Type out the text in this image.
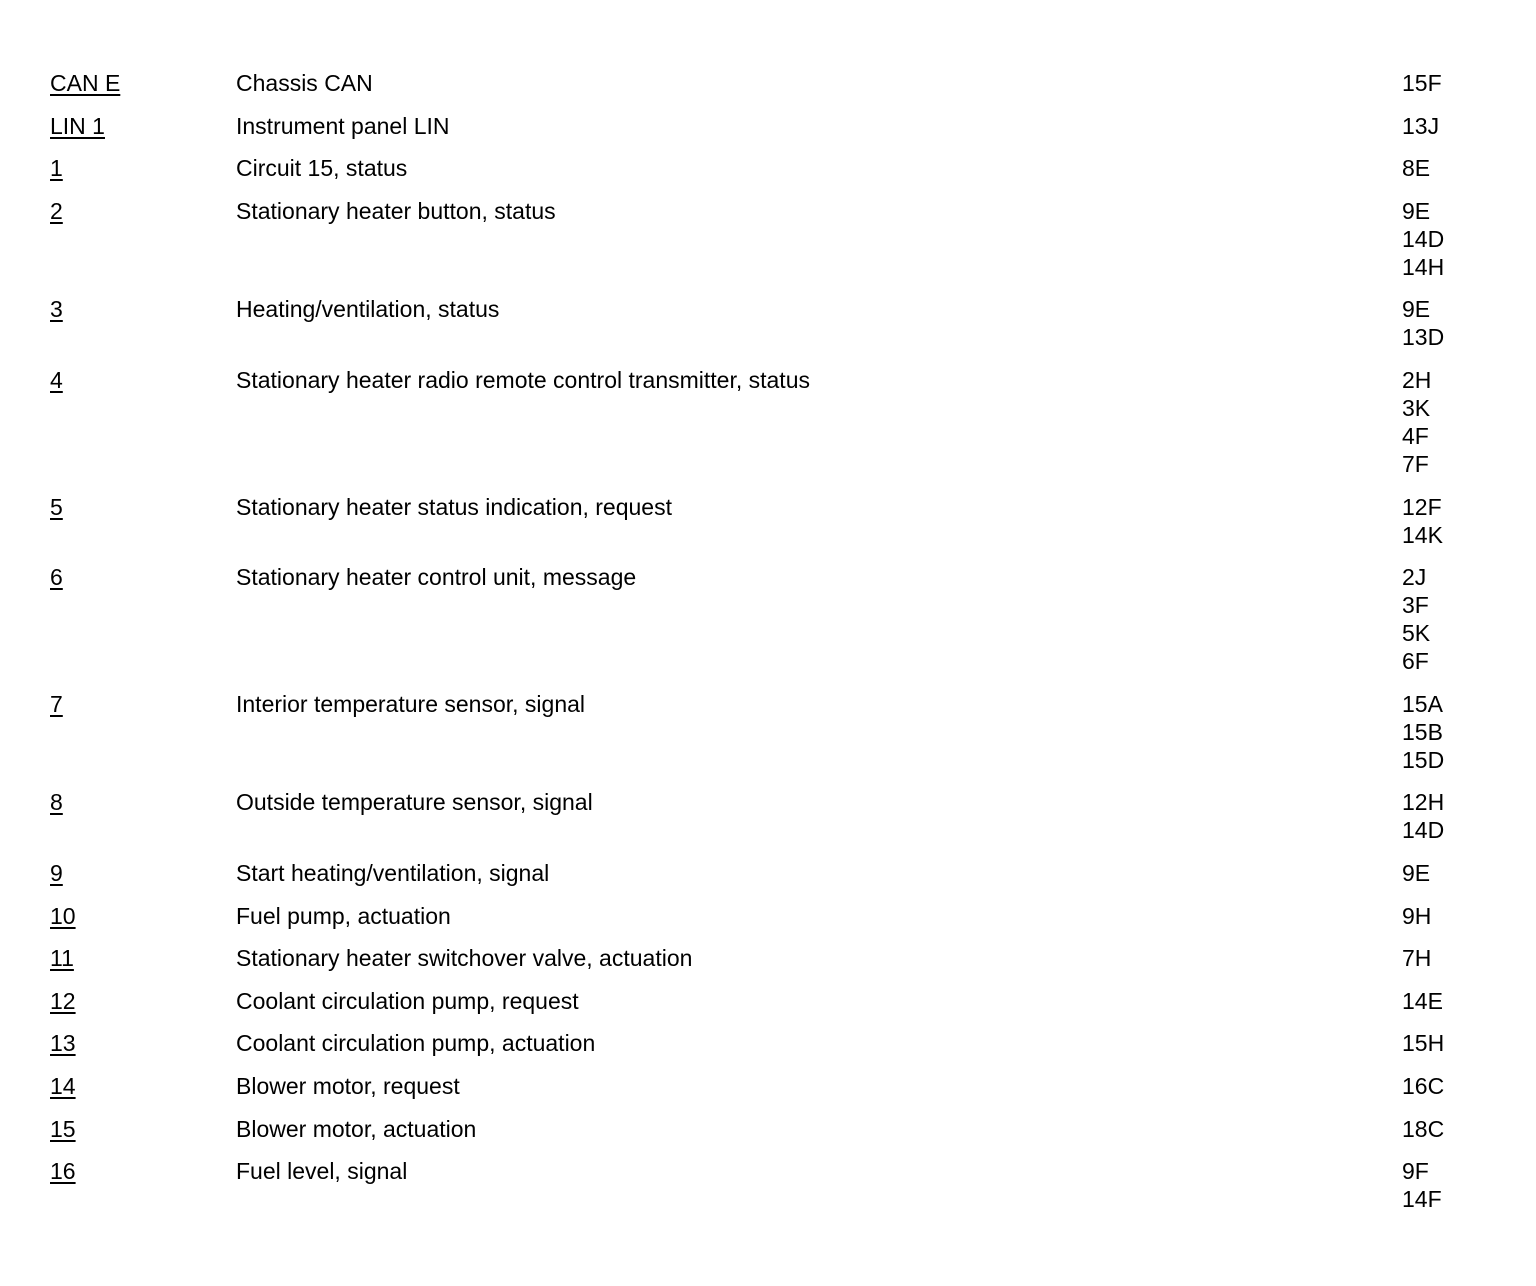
CAN E	Chassis CAN	15F
LIN 1	Instrument panel LIN	13J
1	Circuit 15, status	8E
2	Stationary heater button, status	9E
14D
14H
3	Heating/ventilation, status	9E
13D
4	Stationary heater radio remote control transmitter, status	2H
3K
4F
7F
5	Stationary heater status indication, request	12F
14K
6	Stationary heater control unit, message	2J
3F
5K
6F
7	Interior temperature sensor, signal	15A
15B
15D
8	Outside temperature sensor, signal	12H
14D
9	Start heating/ventilation, signal	9E
10	Fuel pump, actuation	9H
11	Stationary heater switchover valve, actuation	7H
12	Coolant circulation pump, request	14E
13	Coolant circulation pump, actuation	15H
14	Blower motor, request	16C
15	Blower motor, actuation	18C
16	Fuel level, signal	9F
14F
